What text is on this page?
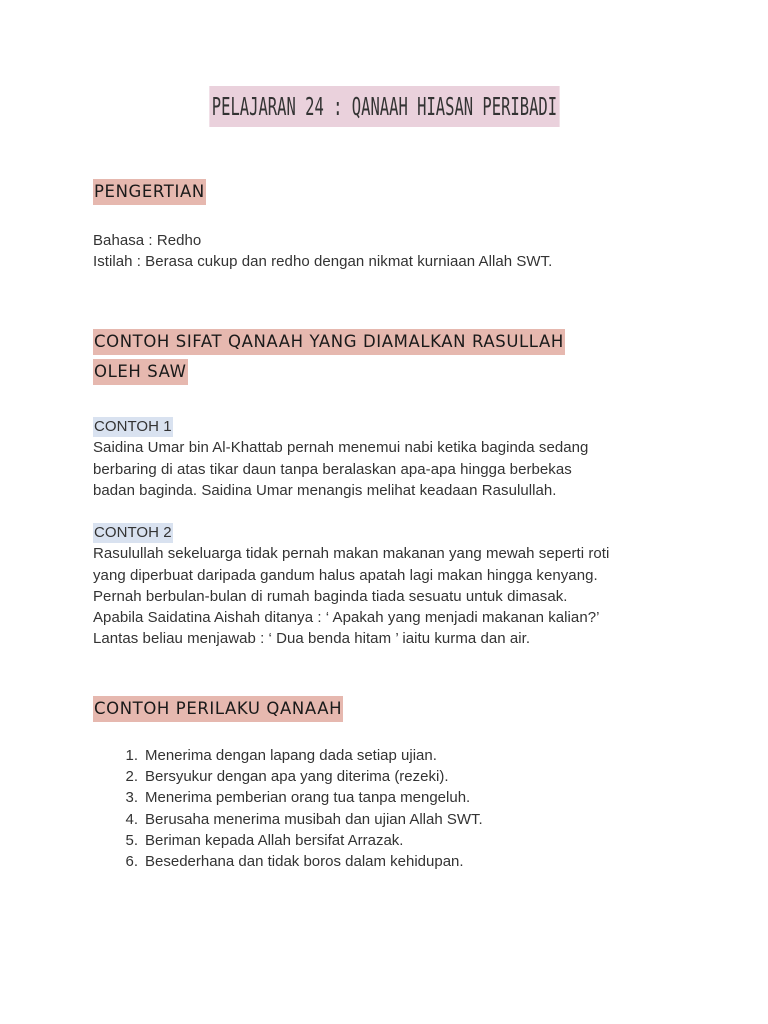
PELAJARAN 24 : QANAAH HIASAN PERIBADI
PENGERTIAN
Bahasa : Redho
Istilah : Berasa cukup dan redho dengan nikmat kurniaan Allah SWT.
CONTOH SIFAT QANAAH YANG DIAMALKAN RASULLAH
OLEH SAW
CONTOH 1
Saidina Umar bin Al-Khattab pernah menemui nabi ketika baginda sedang
berbaring di atas tikar daun tanpa beralaskan apa-apa hingga berbekas
badan baginda. Saidina Umar menangis melihat keadaan Rasulullah.
CONTOH 2
Rasulullah sekeluarga tidak pernah makan makanan yang mewah seperti roti
yang diperbuat daripada gandum halus apatah lagi makan hingga kenyang.
Pernah berbulan-bulan di rumah baginda tiada sesuatu untuk dimasak.
Apabila Saidatina Aishah ditanya : ‘ Apakah yang menjadi makanan kalian?’
Lantas beliau menjawab : ‘ Dua benda hitam ’ iaitu kurma dan air.
CONTOH PERILAKU QANAAH
1. Menerima dengan lapang dada setiap ujian.
2. Bersyukur dengan apa yang diterima (rezeki).
3. Menerima pemberian orang tua tanpa mengeluh.
4. Berusaha menerima musibah dan ujian Allah SWT.
5. Beriman kepada Allah bersifat Arrazak.
6. Besederhana dan tidak boros dalam kehidupan.
